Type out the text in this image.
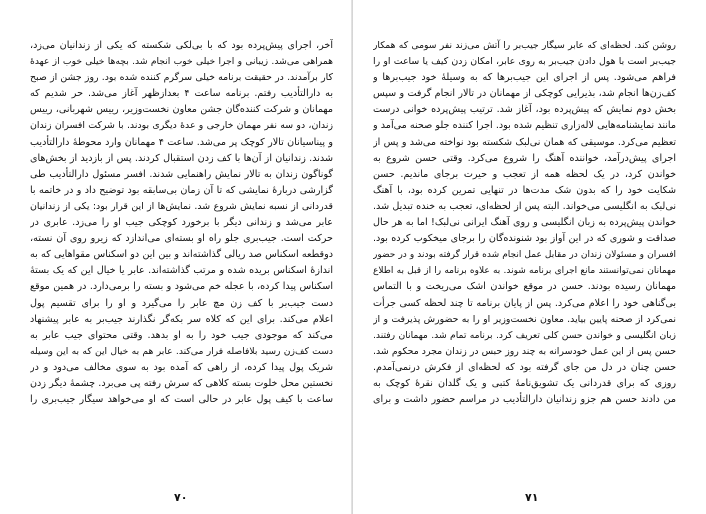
آخر، اجرای پیش‌پرده بود که با بی‌لکی شکسته که یکی از زندانیان می‌زد،
همراهی می‌شد. زیبانی و اجرا خیلی خوب انجام شد. بچه‌ها خیلی خوب از عهدهٔ
کار برآمدند. در حقیقت برنامه خیلی سرگرم کننده شده بود. روز جشن از صبح
به دارالتأدیب رفتم. برنامه ساعت ۴ بعدازظهر آغاز می‌شد. حر شدیم که
مهمانان و شرکت کننده‌گان جشن معاون نخست‌وزیر، رییس شهربانی، رییس
زندان، دو سه نفر مهمان خارجی و عدهٔ دیگری بودند. با شرکت افسران زندان
و پیناسیانان تالار کوچک پر می‌شد. ساعت ۴ مهمانان وارد محوطهٔ دارالتأدیب
شدند. زندانیان از آن‌ها با کف زدن استقبال کردند. پس از بازدید از بخش‌های
گوناگون زندان به تالار نمایش راهنمایی شدند. افسر مسئول دارالتأدیب طی
گزارشی دربارهٔ نمایشی که تا آن زمان بی‌سابقه بود توضیح داد و در خاتمه با
قدردانی از نسبه نمایش شروع شد. نمایش‌ها از این قرار بود: یکی از زندانیان
عابر می‌شد و زندانی دیگر با برخورد کوچکی جیب او را می‌زد. عابری در
حرکت است. جیب‌بری جلو راه او بسته‌ای می‌اندازد که زیرو روی آن نسته،
دوقطعه اسکناس صد ریالی گذاشته‌اند و بین این دو اسکناس مقواهایی که به
اندازهٔ اسکناس بریده شده و مرتب گذاشته‌اند. عابر یا خیال این که یک بستهٔ
اسکناس پیدا کرده، با عجله خم می‌شود و بسته را برمی‌دارد. در همین موقع
دست جیب‌بر با کف زن مچ عابر را می‌گیرد و او را برای تقسیم پول
اعلام می‌کند. برای این که کلاه سر بکه‌گر نگذارند جیب‌بر به عابر پیشنهاد
می‌کند که موجودی جیب خود را به او بدهد. وقتی محتوای جیب عابر به
دست کف‌زن رسید بلافاصله فرار می‌کند. عابر هم به خیال این که به این وسیله
شریک پول پیدا کرده، از راهی که آمده بود به سوی مخالف می‌دود و در
نخستین محل خلوت بسته کلاهی که سرش رفته پی می‌برد. چشمهٔ دیگر زدن
ساعت با کیف پول عابر در حالی است که او می‌خواهد سیگار جیب‌بری را
۷۰
روشن کند. لحظه‌ای که عابر سیگار جیب‌بر را آتش می‌زند نفر سومی که همکار
جیب‌بر است با هول دادن جیب‌بر به روی عابر، امکان زدن کیف یا ساعت او را
فراهم می‌شود. پس از اجرای این جیب‌برها که به وسیلهٔ خود جیب‌برها و
کف‌زن‌ها انجام شد، بذیرایی کوچکی از مهمانان در تالار انجام گرفت و سپس
بخش دوم نمایش که پیش‌پرده بود، آغاز شد. ترتیب پیش‌پرده خوانی درست
مانند نمایشنامه‌هایی لاله‌زاری تنظیم شده بود. اجرا کننده جلو صحنه می‌آمد و
تعظیم می‌کرد. موسیقی که همان نی‌لبک شکسته بود نواخته می‌شد و پس از
اجرای پیش‌درآمد، خواننده آهنگ را شروع می‌کرد. وقتی حسن شروع به
خواندن کرد، در یک لحظه همه از تعجب و حیرت برجای ماندیم. حسن
شکایت خود را که بدون شک مدت‌ها در تنهایی تمرین کرده بود، با آهنگ
نی‌لبک به انگلیسی می‌خواند. البته پس از لحظه‌ای، تعجب به خنده تبدیل شد.
خواندن پیش‌پرده به زبان انگلیسی و روی آهنگ ایرانی نی‌لبک! اما به هر حال
صداقت و شوری که در این آواز بود شنونده‌گان را برجای میخکوب کرده بود.
افسران و مسئولان زندان در مقابل عمل انجام شده قرار گرفته بودند و در حضور
مهمانان نمی‌توانستند مانع اجرای برنامه شوند. به علاوه برنامه را از قبل به اطلاع
مهمانان رسیده بودند. حسن در موقع خواندن اشک می‌ریخت و با التماس
بی‌گناهی خود را اعلام می‌کرد. پس از پایان برنامه تا چند لحظه کسی جرأت
نمی‌کرد از صحنه پایین بیاید. معاون نخست‌وزیر او را به حضورش پذیرفت و از
زبان انگلیسی و خواندن حسن کلی تعریف کرد. برنامه تمام شد. مهمانان رفتند.
حسن پس از این عمل خودسرانه به چند روز حبس در زندان مجرد محکوم شد.
حسن چنان در دل من جای گرفته بود که لحظه‌ای از فکرش درنمی‌آمدم.
روزی که برای قدردانی یک تشویق‌نامهٔ کتبی و یک گلدان نقرهٔ کوچک به
من دادند حسن هم جزو زندانیان دارالتأدیب در مراسم حضور داشت و برای
۷۱
